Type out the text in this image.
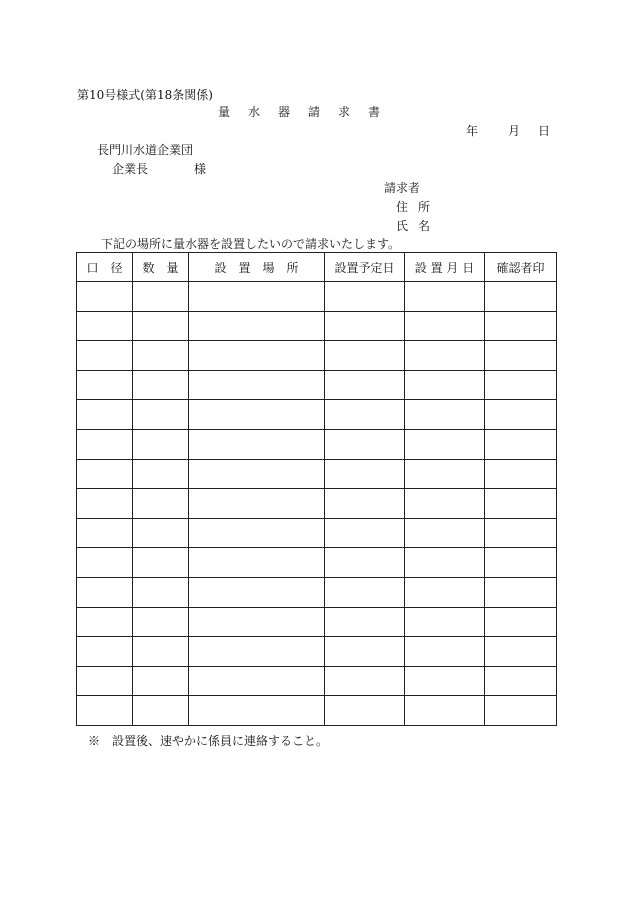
第10号様式(第18条関係)
量水器請求書
年 月 日
長門川水道企業団
企業長	様
請求者
住所
氏名
下記の場所に量水器を設置したいので請求いたします。
口　径	数　量	設　置　場　所	設置予定日	設 置 月 日	確認者印

※　設置後、速やかに係員に連絡すること。
